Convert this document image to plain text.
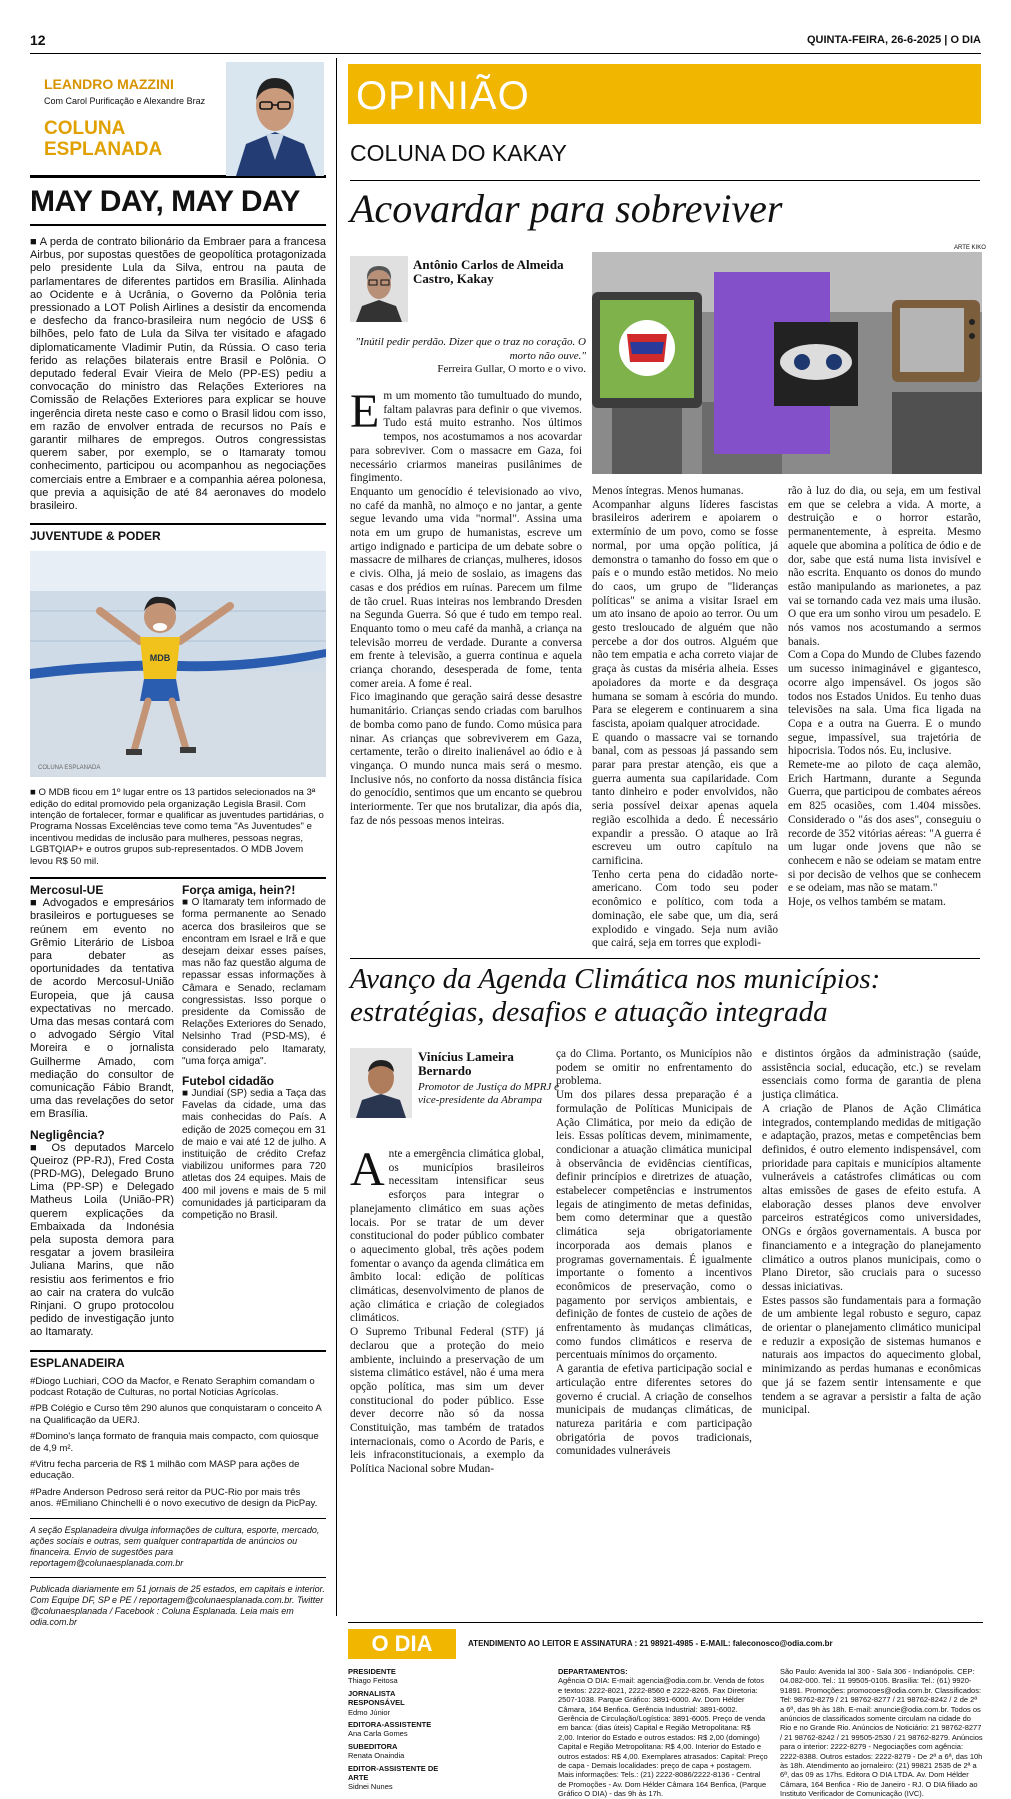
12	QUINTA-FEIRA, 26-6-2025 | O DIA
LEANDRO MAZZINI
Com Carol Purificação e Alexandre Braz
COLUNA
ESPLANADA
MAY DAY, MAY DAY

■ A perda de contrato bilionário da Embraer para a francesa Airbus, por supostas questões de geopolítica protagonizada pelo presidente Lula da Silva, entrou na pauta de parlamentares de diferentes partidos em Brasília. Alinhada ao Ocidente e à Ucrânia, o Governo da Polônia teria pressionado a LOT Polish Airlines a desistir da encomenda e desfecho da franco-brasileira num negócio de US$ 6 bilhões, pelo fato de Lula da Silva ter visitado e afagado diplomaticamente Vladimir Putin, da Rússia. O caso teria ferido as relações bilaterais entre Brasil e Polônia. O deputado federal Evair Vieira de Melo (PP-ES) pediu a convocação do ministro das Relações Exteriores na Comissão de Relações Exteriores para explicar se houve ingerência direta neste caso e como o Brasil lidou com isso, em razão de envolver entrada de recursos no País e garantir milhares de empregos. Outros congressistas querem saber, por exemplo, se o Itamaraty tomou conhecimento, participou ou acompanhou as negociações comerciais entre a Embraer e a companhia aérea polonesa, que previa a aquisição de até 84 aeronaves do modelo brasileiro.

JUVENTUDE & PODER
MDB
COLUNA ESPLANADA

■ O MDB ficou em 1º lugar entre os 13 partidos selecionados na 3ª edição do edital promovido pela organização Legisla Brasil. Com intenção de fortalecer, formar e qualificar as juventudes partidárias, o Programa Nossas Excelências teve como tema "As Juventudes" e incentivou medidas de inclusão para mulheres, pessoas negras, LGBTQIAP+ e outros grupos sub-representados. O MDB Jovem levou R$ 50 mil.

Mercosul-UE

■ Advogados e empresários brasileiros e portugueses se reúnem em evento no Grêmio Literário de Lisboa para debater as oportunidades da tentativa de acordo Mercosul-União Europeia, que já causa expectativas no mercado. Uma das mesas contará com o advogado Sérgio Vital Moreira e o jornalista Guilherme Amado, com mediação do consultor de comunicação Fábio Brandt, uma das revelações do setor em Brasília.

Negligência?

■ Os deputados Marcelo Queiroz (PP-RJ), Fred Costa (PRD-MG), Delegado Bruno Lima (PP-SP) e Delegado Matheus Loila (União-PR) querem explicações da Embaixada da Indonésia pela suposta demora para resgatar a jovem brasileira Juliana Marins, que não resistiu aos ferimentos e frio ao cair na cratera do vulcão Rinjani. O grupo protocolou pedido de investigação junto ao Itamaraty.

Força amiga, hein?!

■ O Itamaraty tem informado de forma permanente ao Senado acerca dos brasileiros que se encontram em Israel e Irã e que desejam deixar esses países, mas não faz questão alguma de repassar essas informações à Câmara e Senado, reclamam congressistas. Isso porque o presidente da Comissão de Relações Exteriores do Senado, Nelsinho Trad (PSD-MS), é considerado pelo Itamaraty, "uma força amiga".

Futebol cidadão

■ Jundiaí (SP) sedia a Taça das Favelas da cidade, uma das mais conhecidas do País. A edição de 2025 começou em 31 de maio e vai até 12 de julho. A instituição de crédito Crefaz viabilizou uniformes para 720 atletas dos 24 equipes. Mais de 400 mil jovens e mais de 5 mil comunidades já participaram da competição no Brasil.

ESPLANADEIRA
#Diogo Luchiari, COO da Macfor, e Renato Seraphim comandam o podcast Rotação de Culturas, no portal Notícias Agrícolas.
#PB Colégio e Curso têm 290 alunos que conquistaram o conceito A na Qualificação da UERJ.
#Domino's lança formato de franquia mais compacto, com quiosque de 4,9 m².
#Vitru fecha parceria de R$ 1 milhão com MASP para ações de educação.
#Padre Anderson Pedroso será reitor da PUC-Rio por mais três anos. #Emiliano Chinchelli é o novo executivo de design da PicPay.

A seção Esplanadeira divulga informações de cultura, esporte, mercado, ações sociais e outras, sem qualquer contrapartida de anúncios ou financeira. Envio de sugestões para reportagem@colunaesplanada.com.br

Publicada diariamente em 51 jornais de 25 estados, em capitais e interior. Com Equipe DF, SP e PE / reportagem@colunaesplanada.com.br. Twitter @colunaesplanada / Facebook : Coluna Esplanada. Leia mais em odia.com.br

OPINIÃO
COLUNA DO KAKAY
Acovardar para sobreviver
ARTE KIKO
Antônio Carlos de Almeida Castro, Kakay
"Inútil pedir perdão. Dizer que o traz no coração. O morto não ouve."
Ferreira Gullar, O morto e o vivo.
Em um momento tão tumultuado do mundo, faltam palavras para definir o que vivemos. Tudo está muito estranho. Nos últimos tempos, nos acostumamos a nos acovardar para sobreviver. Com o massacre em Gaza, foi necessário criarmos maneiras pusilânimes de fingimento.
Enquanto um genocídio é televisionado ao vivo, no café da manhã, no almoço e no jantar, a gente segue levando uma vida "normal". Assina uma nota em um grupo de humanistas, escreve um artigo indignado e participa de um debate sobre o massacre de milhares de crianças, mulheres, idosos e civis. Olha, já meio de soslaio, as imagens das casas e dos prédios em ruínas. Parecem um filme de tão cruel. Ruas inteiras nos lembrando Dresden na Segunda Guerra. Só que é tudo em tempo real. Enquanto tomo o meu café da manhã, a criança na televisão morreu de verdade. Durante a conversa em frente à televisão, a guerra continua e aquela criança chorando, desesperada de fome, tenta comer areia. A fome é real.
Fico imaginando que geração sairá desse desastre humanitário. Crianças sendo criadas com barulhos de bomba como pano de fundo. Como música para ninar. As crianças que sobreviverem em Gaza, certamente, terão o direito inalienável ao ódio e à vingança. O mundo nunca mais será o mesmo. Inclusive nós, no conforto da nossa distância física do genocídio, sentimos que um encanto se quebrou interiormente. Ter que nos brutalizar, dia após dia, faz de nós pessoas menos inteiras.
Menos íntegras. Menos humanas.
Acompanhar alguns líderes fascistas brasileiros aderirem e apoiarem o extermínio de um povo, como se fosse normal, por uma opção política, já demonstra o tamanho do fosso em que o país e o mundo estão metidos. No meio do caos, um grupo de "lideranças políticas" se anima a visitar Israel em um ato insano de apoio ao terror. Ou um gesto tresloucado de alguém que não percebe a dor dos outros. Alguém que não tem empatia e acha correto viajar de graça às custas da miséria alheia. Esses apoiadores da morte e da desgraça humana se somam à escória do mundo. Para se elegerem e continuarem a sina fascista, apoiam qualquer atrocidade.
E quando o massacre vai se tornando banal, com as pessoas já passando sem parar para prestar atenção, eis que a guerra aumenta sua capilaridade. Com tanto dinheiro e poder envolvidos, não seria possível deixar apenas aquela região escolhida a dedo. É necessário expandir a pressão. O ataque ao Irã escreveu um outro capítulo na carnificina.
Tenho certa pena do cidadão norte-americano. Com todo seu poder econômico e político, com toda a dominação, ele sabe que, um dia, será explodido e vingado. Seja num avião que cairá, seja em torres que explodi-
rão à luz do dia, ou seja, em um festival em que se celebra a vida. A morte, a destruição e o horror estarão, permanentemente, à espreita. Mesmo aquele que abomina a política de ódio e de dor, sabe que está numa lista invisível e não escrita. Enquanto os donos do mundo estão manipulando as marionetes, a paz vai se tornando cada vez mais uma ilusão. O que era um sonho virou um pesadelo. E nós vamos nos acostumando a sermos banais.
Com a Copa do Mundo de Clubes fazendo um sucesso inimaginável e gigantesco, ocorre algo impensável. Os jogos são todos nos Estados Unidos. Eu tenho duas televisões na sala. Uma fica ligada na Copa e a outra na Guerra. E o mundo segue, impassível, sua trajetória de hipocrisia. Todos nós. Eu, inclusive.
Remete-me ao piloto de caça alemão, Erich Hartmann, durante a Segunda Guerra, que participou de combates aéreos em 825 ocasiões, com 1.404 missões. Considerado o "ás dos ases", conseguiu o recorde de 352 vitórias aéreas: "A guerra é um lugar onde jovens que não se conhecem e não se odeiam se matam entre si por decisão de velhos que se conhecem e se odeiam, mas não se matam."
Hoje, os velhos também se matam.
Avanço da Agenda Climática nos municípios: estratégias, desafios e atuação integrada
Vinícius Lameira Bernardo
Promotor de Justiça do MPRJ e vice-presidente da Abrampa
Ante a emergência climática global, os municípios brasileiros necessitam intensificar seus esforços para integrar o planejamento climático em suas ações locais. Por se tratar de um dever constitucional do poder público combater o aquecimento global, três ações podem fomentar o avanço da agenda climática em âmbito local: edição de políticas climáticas, desenvolvimento de planos de ação climática e criação de colegiados climáticos.
O Supremo Tribunal Federal (STF) já declarou que a proteção do meio ambiente, incluindo a preservação de um sistema climático estável, não é uma mera opção política, mas sim um dever constitucional do poder público. Esse dever decorre não só da nossa Constituição, mas também de tratados internacionais, como o Acordo de Paris, e leis infraconstitucionais, a exemplo da Política Nacional sobre Mudan-
ça do Clima. Portanto, os Municípios não podem se omitir no enfrentamento do problema.
Um dos pilares dessa preparação é a formulação de Políticas Municipais de Ação Climática, por meio da edição de leis. Essas políticas devem, minimamente, condicionar a atuação climática municipal à observância de evidências científicas, definir princípios e diretrizes de atuação, estabelecer competências e instrumentos legais de atingimento de metas definidas, bem como determinar que a questão climática seja obrigatoriamente incorporada aos demais planos e programas governamentais. É igualmente importante o fomento a incentivos econômicos de preservação, como o pagamento por serviços ambientais, e definição de fontes de custeio de ações de enfrentamento às mudanças climáticas, como fundos climáticos e reserva de percentuais mínimos do orçamento.
A garantia de efetiva participação social e articulação entre diferentes setores do governo é crucial. A criação de conselhos municipais de mudanças climáticas, de natureza paritária e com participação obrigatória de povos tradicionais, comunidades vulneráveis
e distintos órgãos da administração (saúde, assistência social, educação, etc.) se revelam essenciais como forma de garantia de plena justiça climática.
A criação de Planos de Ação Climática integrados, contemplando medidas de mitigação e adaptação, prazos, metas e competências bem definidos, é outro elemento indispensável, com prioridade para capitais e municípios altamente vulneráveis a catástrofes climáticas ou com altas emissões de gases de efeito estufa. A elaboração desses planos deve envolver parceiros estratégicos como universidades, ONGs e órgãos governamentais. A busca por financiamento e a integração do planejamento climático a outros planos municipais, como o Plano Diretor, são cruciais para o sucesso dessas iniciativas.
Estes passos são fundamentais para a formação de um ambiente legal robusto e seguro, capaz de orientar o planejamento climático municipal e reduzir a exposição de sistemas humanos e naturais aos impactos do aquecimento global, minimizando as perdas humanas e econômicas que já se fazem sentir intensamente e que tendem a se agravar a persistir a falta de ação municipal.
O DIA	ATENDIMENTO AO LEITOR E ASSINATURA : 21 98921-4985 - E-MAIL: faleconosco@odia.com.br
PRESIDENTE
Thiago Feitosa
JORNALISTA RESPONSÁVEL
Edmo Júnior
EDITORA-ASSISTENTE
Ana Carla Gomes
SUBEDITORA
Renata Onaindia
EDITOR-ASSISTENTE DE ARTE
Sidnei Nunes
DEPARTAMENTOS:
Agência O DIA: E-mail: agencia@odia.com.br. Venda de fotos e textos: 2222-8021, 2222-8560 e 2222-8265. Fax Diretoria: 2507-1038. Parque Gráfico: 3891-6000. Av. Dom Hélder Câmara, 164 Benfica. Gerência Industrial: 3891-6002. Gerência de Circulação/Logística: 3891-6005. Preço de venda em banca: (dias úteis) Capital e Região Metropolitana: R$ 2,00. Interior do Estado e outros estados: R$ 2,00 (domingo) Capital e Região Metropolitana: R$ 4,00. Interior do Estado e outros estados: R$ 4,00. Exemplares atrasados: Capital: Preço de capa - Demais localidades: preço de capa + postagem. Mais informações: Tels.: (21) 2222-8086/2222-8136 - Central de Promoções - Av. Dom Hélder Câmara 164 Benfica, (Parque Gráfico O DIA) - das 9h às 17h.
São Paulo: Avenida Ial 300 - Sala 306 - Indianópolis. CEP: 04.082-000. Tel.: 11 99505-0105. Brasília: Tel.: (61) 9920-91891. Promoções: promocoes@odia.com.br. Classificados: Tel: 98762-8279 / 21 98762-8277 / 21 98762-8242 / 2 de 2ª a 6ª, das 9h às 18h. E-mail: anuncie@odia.com.br. Todos os anúncios de classificados somente circulam na cidade do Rio e no Grande Rio. Anúncios de Noticiário: 21 98762-8277 / 21 98762-8242 / 21 99505-2530 / 21 98762-8279. Anúncios para o interior: 2222-8279 - Negociações com agência: 2222-8388. Outros estados: 2222-8279 - De 2ª a 6ª, das 10h às 18h. Atendimento ao jornaleiro: (21) 99821 2535 de 2ª a 6ª, das 09 as 17hs. Editora O DIA LTDA. Av. Dom Hélder Câmara, 164 Benfica - Rio de Janeiro - RJ. O DIA filiado ao Instituto Verificador de Comunicação (IVC).
